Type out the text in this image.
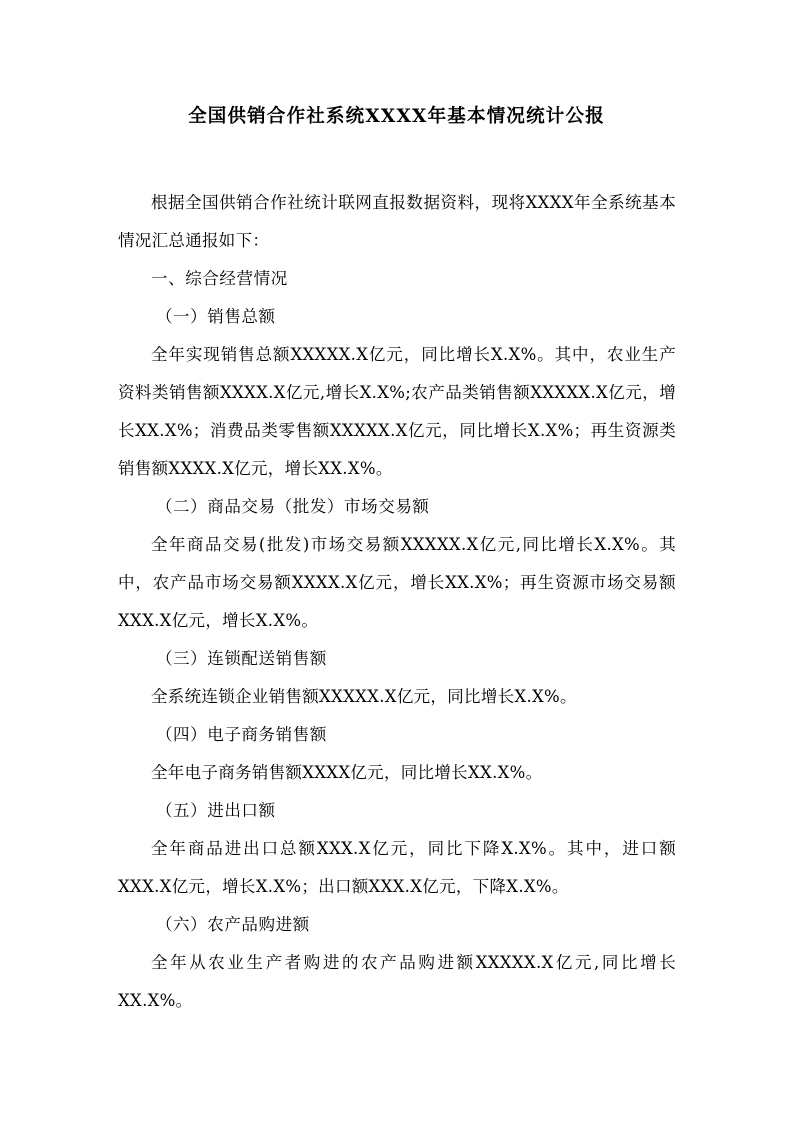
全国供销合作社系统XXXX年基本情况统计公报

根据全国供销合作社统计联网直报数据资料，现将XXXX年全系统基本情况汇总通报如下：

一、综合经营情况

（一）销售总额

全年实现销售总额XXXXX.X亿元，同比增长X.X%。其中，农业生产资料类销售额XXXX.X亿元,增长X.X%;农产品类销售额XXXXX.X亿元，增长XX.X%；消费品类零售额XXXXX.X亿元，同比增长X.X%；再生资源类销售额XXXX.X亿元，增长XX.X%。

（二）商品交易（批发）市场交易额

全年商品交易(批发)市场交易额XXXXX.X亿元,同比增长X.X%。其中，农产品市场交易额XXXX.X亿元，增长XX.X%；再生资源市场交易额XXX.X亿元，增长X.X%。

（三）连锁配送销售额

全系统连锁企业销售额XXXXX.X亿元，同比增长X.X%。

（四）电子商务销售额

全年电子商务销售额XXXX亿元，同比增长XX.X%。

（五）进出口额

全年商品进出口总额XXX.X亿元，同比下降X.X%。其中，进口额XXX.X亿元，增长X.X%；出口额XXX.X亿元，下降X.X%。

（六）农产品购进额

全年从农业生产者购进的农产品购进额XXXXX.X亿元,同比增长XX.X%。
